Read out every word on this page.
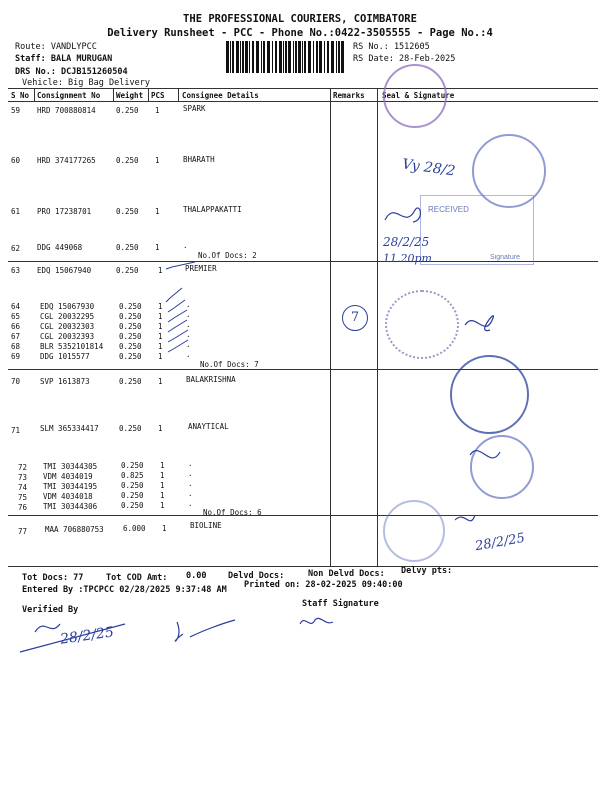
THE PROFESSIONAL COURIERS, COIMBATORE
Delivery Runsheet - PCC - Phone No.:0422-3505555 - Page No.:4
Route: VANDLYPCC
Staff: BALA MURUGAN
DRS No.: DCJB151260504
Vehicle: Big Bag Delivery
RS No.: 1512605
RS Date: 28-Feb-2025
S No Consignment No Weight PCS Consignee Details	Remarks Seal & Signature
59 HRD 700880814	0.250 1	SPARK
60 HRD 374177265	0.250 1	BHARATH
61 PRO 17238701	0.250 1	THALAPPAKATTI
62 DDG 449068	0.250 1	.
63 EDQ 15067940	0.250	1	PREMIER
64	EDQ 15067930	0.250 1	.
65	CGL 20032295	0.250 1	.
66	CGL 20032303	0.250 1	.
67	CGL 20032393	0.250 1	.
68	BLR 5352101814 0.250 1	.
69	DDG 1015577	0.250 1	.
70	SVP 1613873	0.250 1	BALAKRISHNA
71	SLM 365334417	0.250 1	ANAYTICAL
72 TMI 30344305	0.250 1	.
73 VDM 4034019	0.825 1	.
74 TMI 30344195	0.250 1	.
75 VDM 4034018	0.250 1	.
76 TMI 30344306	0.250 1	.
77 MAA 706880753	6.000 1	BIOLINE
No.Of Docs: 2
No.Of Docs: 7
No.Of Docs: 6
7
RECEIVED
Signature
Vy 28/2
28/2/25
11.20pm
28/2/25
Tot Docs: 77	Tot COD Amt: 0.00	Delvd Docs:	Non Delvd Docs: Delvy pts:
Entered By :TPCPCC 02/28/2025 9:37:48 AM Printed on: 28-02-2025 09:40:00
Verified By
Staff Signature
28/2/25
